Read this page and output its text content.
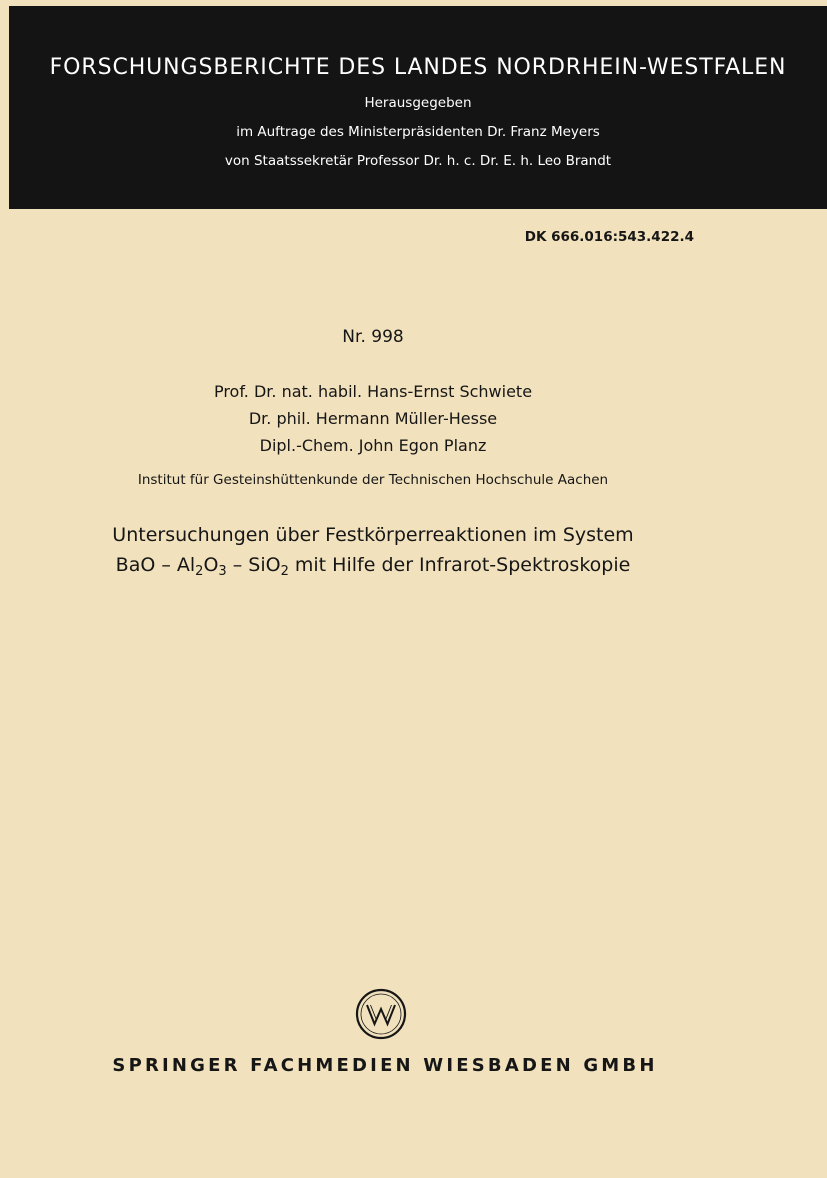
FORSCHUNGSBERICHTE DES LANDES NORDRHEIN-WESTFALEN
Herausgegeben
im Auftrage des Ministerpräsidenten Dr. Franz Meyers
von Staatssekretär Professor Dr. h. c. Dr. E. h. Leo Brandt
DK 666.016:543.422.4
Nr. 998
Prof. Dr. nat. habil. Hans-Ernst Schwiete
Dr. phil. Hermann Müller-Hesse
Dipl.-Chem. John Egon Planz
Institut für Gesteinshüttenkunde der Technischen Hochschule Aachen
Untersuchungen über Festkörperreaktionen im System
BaO – $Al_2O_3 - SiO_2$ mit Hilfe der Infrarot-Spektroskopie
SPRINGER FACHMEDIEN WIESBADEN GMBH
